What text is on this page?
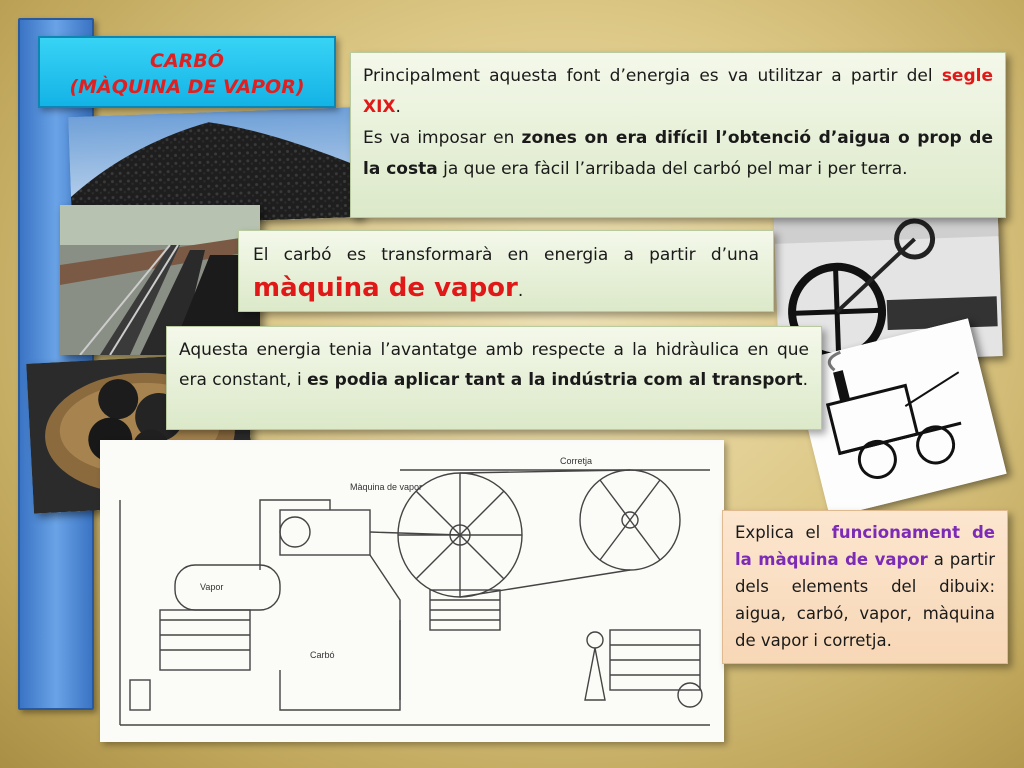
Corretja
Màquina de vapor
Vapor
Carbó
CARBÓ
(MÀQUINA DE VAPOR)	Principalment aquesta font d’energia es va utilitzar a partir del segle XIX.
Es va imposar en zones on era difícil l’obtenció d’aigua o prop de la costa ja que era fàcil l’arribada del carbó pel mar i per terra.
El carbó es transformarà en energia a partir d’una màquina de vapor.
Aquesta energia tenia l’avantatge amb respecte a la hidràulica en que era constant, i es podia aplicar tant a la indústria com al transport.
Explica el funcionament de la màquina de vapor a partir dels elements del dibuix: aigua, carbó, vapor, màquina de vapor i corretja.
